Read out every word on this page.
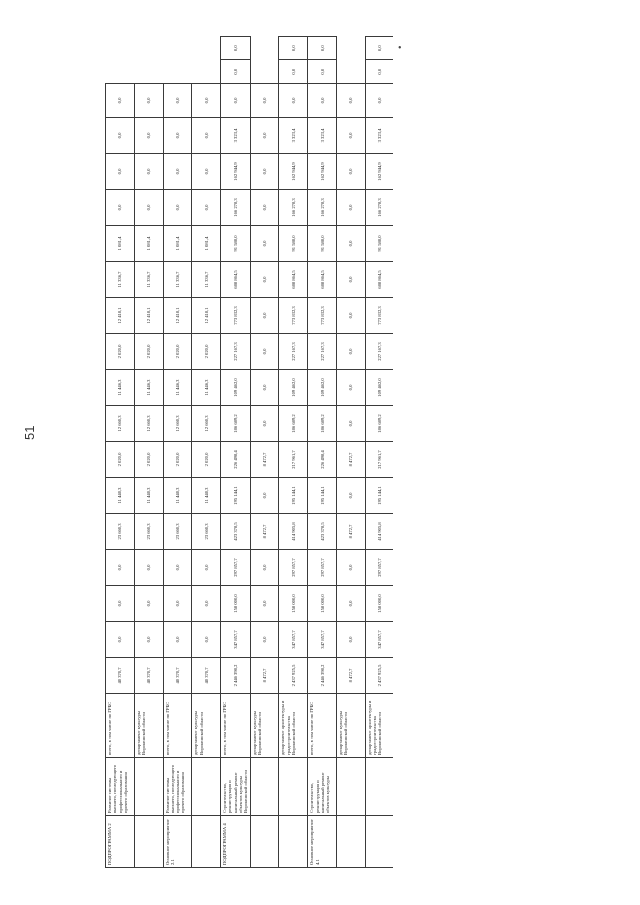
51
•
ПОДПРОГРАММА 2	Развитие системы высшего, последующего профессионального и прочего образования	всего, в том числе по ГРБС	40 370,7	0,0	0,0	0,0	23 660,3	11 440,3	2 020,0	12 660,3	11 446,3	2 020,0	12 418,1	11 336,7	1 081,4	0,0	0,0	0,0	0,0		
		департамент культуры Воронежской области	40 370,7	0,0	0,0	0,0	23 660,3	11 440,3	2 020,0	12 660,3	11 446,3	2 020,0	12 418,1	11 336,7	1 081,4	0,0	0,0	0,0	0,0		
Основное мероприятие 2.1	Развитие системы высшего, последующего профессионального и прочего образования	всего, в том числе по ГРБС	40 370,7	0,0	0,0	0,0	23 660,3	11 440,3	2 020,0	12 660,3	11 446,3	2 020,0	12 418,1	11 336,7	1 081,4	0,0	0,0	0,0	0,0		
		департамент культуры Воронежской области	40 370,7	0,0	0,0	0,0	23 660,3	11 440,3	2 020,0	12 660,3	11 446,3	2 020,0	12 418,1	11 336,7	1 081,4	0,0	0,0	0,0	0,0		
ПОДПРОГРАММА 4	Строительство, реконструкция и капитальный ремонт объектов культуры Воронежской области	всего, в том числе по ГРБС	2 446 398,2	347 857,7	158 000,0	297 857,7	423 378,5	195 144,1	226 498,4	186 689,2	109 462,0	227 167,3	773 832,3	688 864,5	91 588,0	166 278,3	162 944,9	3 323,4	0,0	0,0	0,0
		департамент культуры Воронежской области	8 472,7	0,0	0,0	0,0	8 472,7	0,0	8 472,7	0,0	0,0	0,0	0,0	0,0	0,0	0,0	0,0	0,0	0,0		
		департамент архитектуры и градостроительства Воронежской области	2 437 925,5	347 857,7	158 000,0	297 857,7	414 905,8	195 144,1	217 961,7	186 689,2	109 462,0	227 167,3	773 832,3	688 864,5	91 588,0	166 278,3	162 944,9	3 323,4	0,0	0,0	0,0
Основное мероприятие 4.1	Строительство, реконструкция и капитальный ремонт объектов культуры	всего, в том числе по ГРБС	2 446 398,2	347 857,7	158 000,0	297 857,7	423 378,5	195 144,1	226 498,4	186 689,2	109 462,0	227 167,3	773 832,3	688 864,5	91 588,0	166 278,3	162 944,9	3 323,4	0,0	0,0	0,0
		департамент культуры Воронежской области	8 472,7	0,0	0,0	0,0	8 472,7	0,0	8 472,7	0,0	0,0	0,0	0,0	0,0	0,0	0,0	0,0	0,0	0,0		
		департамент архитектуры и градостроительства Воронежской области	2 437 925,5	347 857,7	158 000,0	297 857,7	414 905,8	195 144,1	217 961,7	186 689,2	109 462,0	227 167,3	773 832,3	688 864,5	91 588,0	166 278,3	162 944,9	3 323,4	0,0	0,0	0,0
